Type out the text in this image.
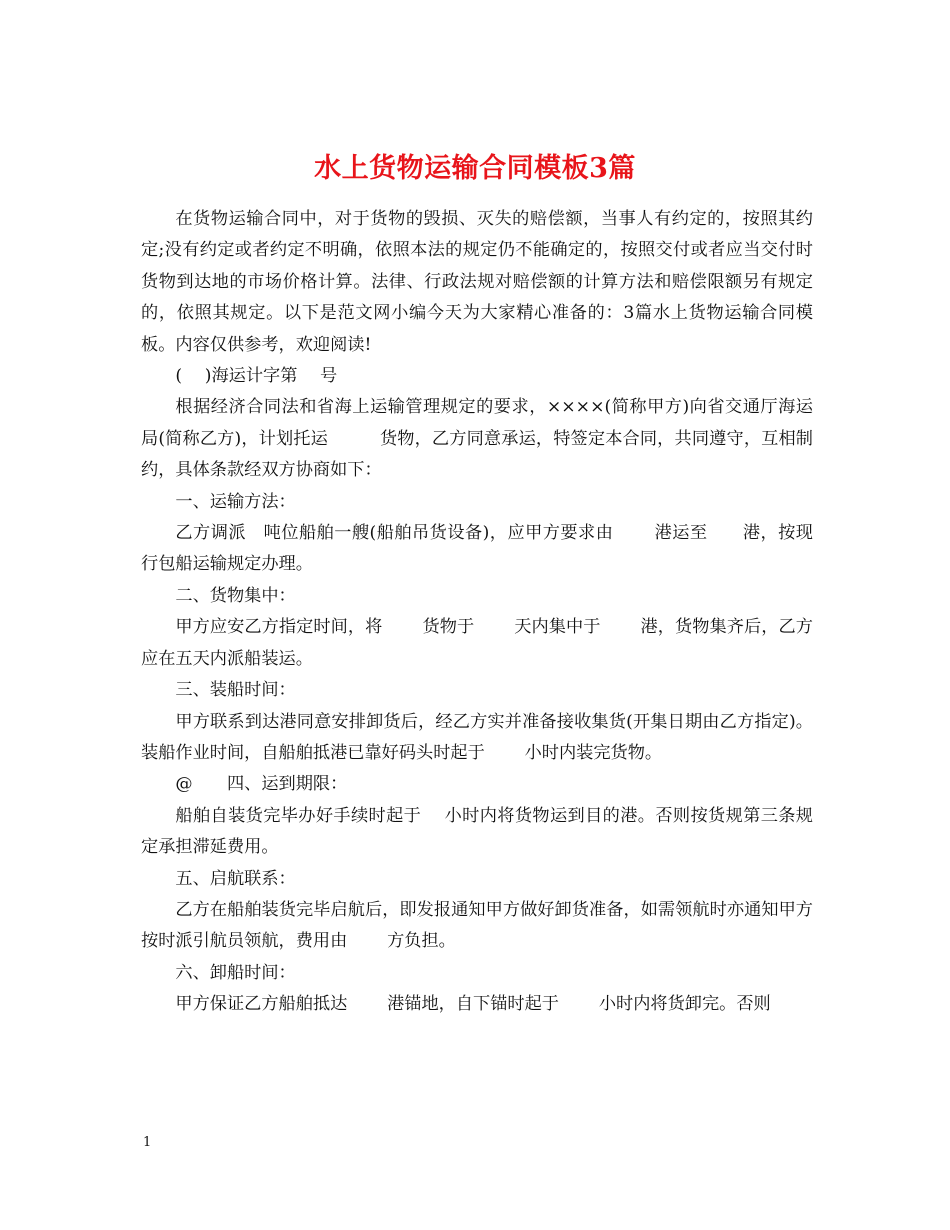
水上货物运输合同模板3篇

在货物运输合同中，对于货物的毁损、灭失的赔偿额，当事人有约定的，按照其约定;没有约定或者约定不明确，依照本法的规定仍不能确定的，按照交付或者应当交付时货物到达地的市场价格计算。法律、行政法规对赔偿额的计算方法和赔偿限额另有规定的，依照其规定。以下是范文网小编今天为大家精心准备的：3篇水上货物运输合同模板。内容仅供参考，欢迎阅读!

(　 )海运计字第 　号

根据经济合同法和省海上运输管理规定的要求，××××(简称甲方)向省交通厅海运局(简称乙方)，计划托运　　　货物，乙方同意承运，特签定本合同，共同遵守，互相制约，具体条款经双方协商如下：

一、运输方法：

乙方调派　吨位船舶一艘(船舶吊货设备)，应甲方要求由　　 港运至　　港，按现行包船运输规定办理。

二、货物集中：

甲方应安乙方指定时间，将　　 货物于　　 天内集中于　　 港，货物集齐后，乙方应在五天内派船装运。

三、装船时间：

甲方联系到达港同意安排卸货后，经乙方实并准备接收集货(开集日期由乙方指定)。装船作业时间，自船舶抵港已靠好码头时起于　　 小时内装完货物。

@　　四、运到期限：

船舶自装货完毕办好手续时起于　 小时内将货物运到目的港。否则按货规第三条规定承担滞延费用。

五、启航联系：

乙方在船舶装货完毕启航后，即发报通知甲方做好卸货准备，如需领航时亦通知甲方按时派引航员领航，费用由　　 方负担。

六、卸船时间：

甲方保证乙方船舶抵达　　 港锚地，自下锚时起于　　 小时内将货卸完。否则

1
